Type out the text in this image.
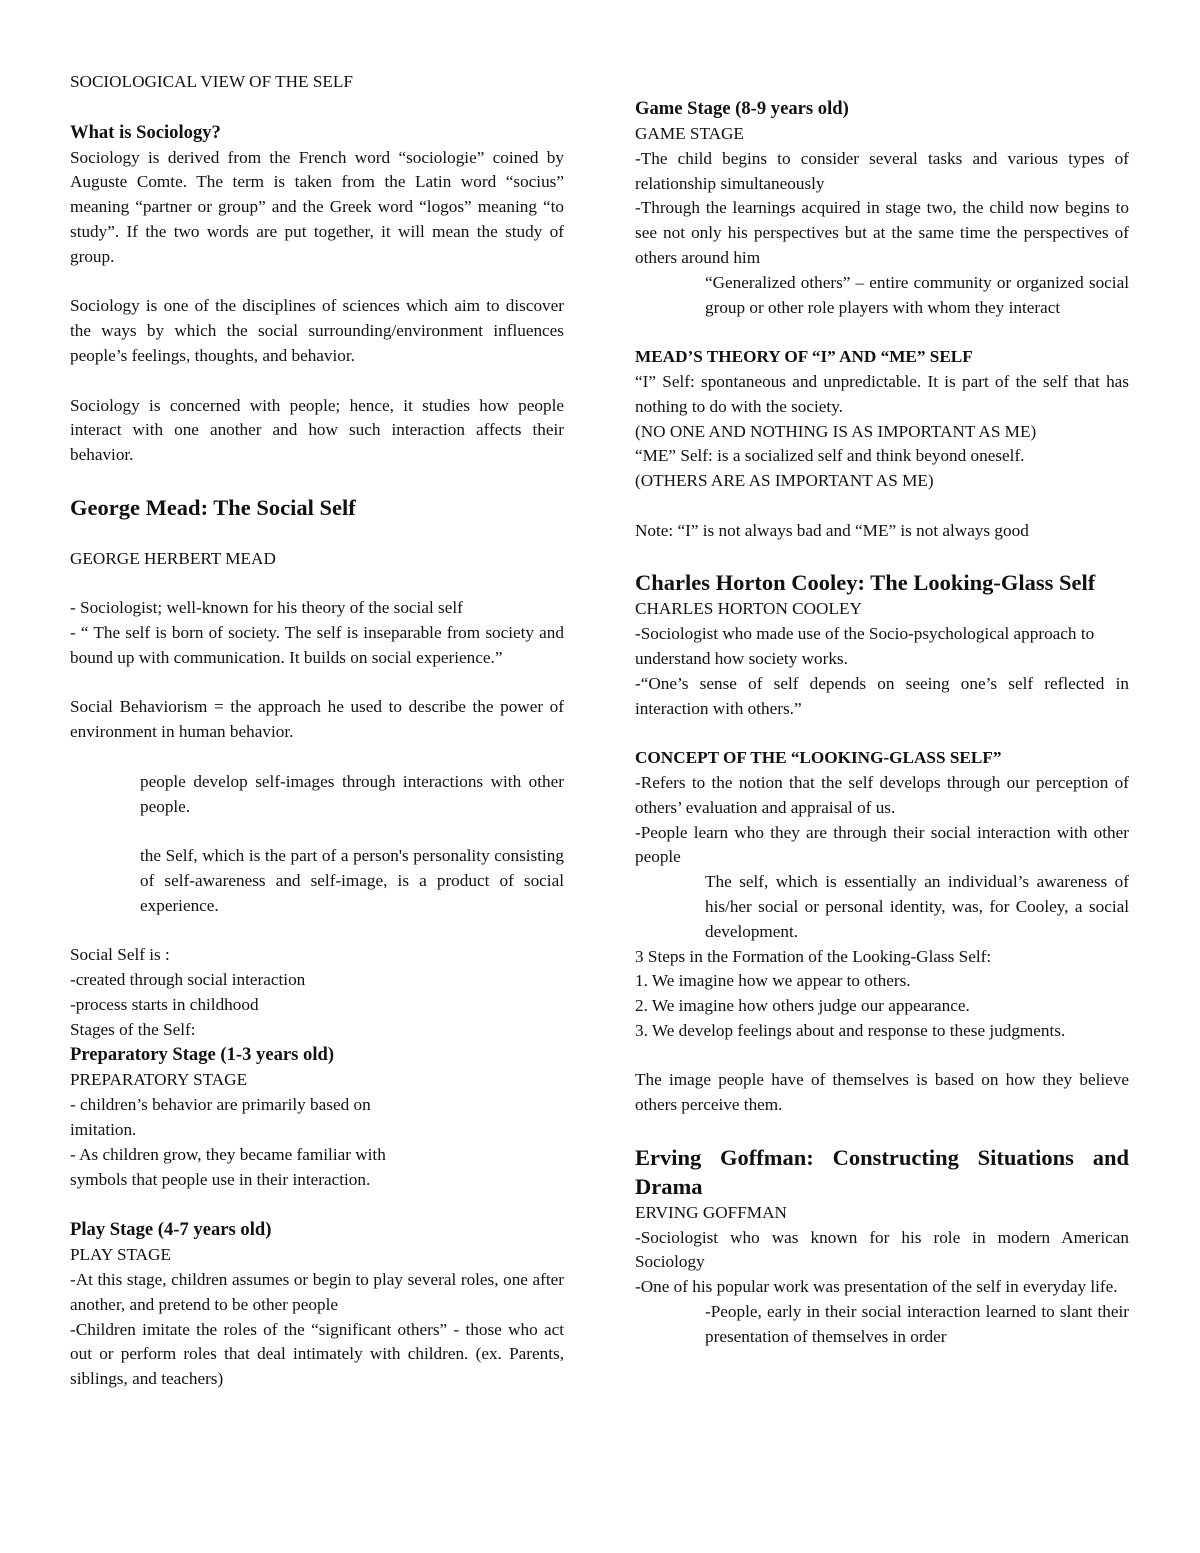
SOCIOLOGICAL VIEW OF THE SELF
What is Sociology?
Sociology is derived from the French word “sociologie” coined by Auguste Comte. The term is taken from the Latin word “socius” meaning “partner or group” and the Greek word “logos” meaning “to study”. If the two words are put together, it will mean the study of group.
Sociology is one of the disciplines of sciences which aim to discover the ways by which the social surrounding/environment influences people’s feelings, thoughts, and behavior.
Sociology is concerned with people; hence, it studies how people interact with one another and how such interaction affects their behavior.
George Mead: The Social Self
GEORGE HERBERT MEAD
- Sociologist; well-known for his theory of the social self
- “ The self is born of society. The self is inseparable from society and bound up with communication. It builds on social experience.”
Social Behaviorism = the approach he used to describe the power of environment in human behavior.
people develop self-images through interactions with other people.
the Self, which is the part of a person's personality consisting of self-awareness and self-image, is a product of social experience.
Social Self is :
-created through social interaction
-process starts in childhood
Stages of the Self:
Preparatory Stage (1-3 years old)
PREPARATORY STAGE
- children’s behavior are primarily based on
imitation.
- As children grow, they became familiar with
symbols that people use in their interaction.
Play Stage (4-7 years old)
PLAY STAGE
-At this stage, children assumes or begin to play several roles, one after another, and pretend to be other people
-Children imitate the roles of the “significant others” - those who act out or perform roles that deal intimately with children. (ex. Parents, siblings, and teachers)
Game Stage (8-9 years old)
GAME STAGE
-The child begins to consider several tasks and various types of relationship simultaneously
-Through the learnings acquired in stage two, the child now begins to see not only his perspectives but at the same time the perspectives of others around him
“Generalized others” – entire community or organized social group or other role players with whom they interact
MEAD’S THEORY OF “I” AND “ME” SELF
“I” Self: spontaneous and unpredictable. It is part of the self that has nothing to do with the society.
(NO ONE AND NOTHING IS AS IMPORTANT AS ME)
“ME” Self: is a socialized self and think beyond oneself.
(OTHERS ARE AS IMPORTANT AS ME)
Note: “I” is not always bad and “ME” is not always good
Charles Horton Cooley: The Looking-Glass Self
CHARLES HORTON COOLEY
-Sociologist who made use of the Socio-psychological approach to understand how society works.
-“One’s sense of self depends on seeing one’s self reflected in interaction with others.”
CONCEPT OF THE “LOOKING-GLASS SELF”
-Refers to the notion that the self develops through our perception of others’ evaluation and appraisal of us.
-People learn who they are through their social interaction with other people
The self, which is essentially an individual’s awareness of his/her social or personal identity, was, for Cooley, a social development.
3 Steps in the Formation of the Looking-Glass Self:
1. We imagine how we appear to others.
2. We imagine how others judge our appearance.
3. We develop feelings about and response to these judgments.
The image people have of themselves is based on how they believe others perceive them.
Erving Goffman: Constructing Situations and Drama
ERVING GOFFMAN
-Sociologist who was known for his role in modern American Sociology
-One of his popular work was presentation of the self in everyday life.
-People, early in their social interaction learned to slant their presentation of themselves in order
